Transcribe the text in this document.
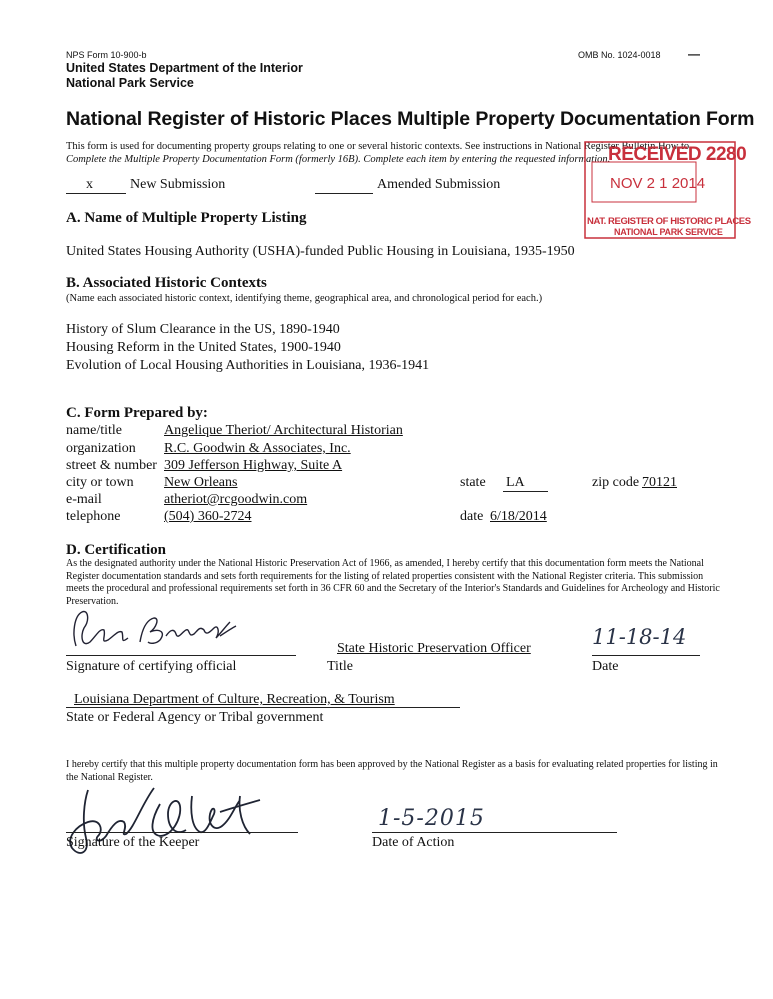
NPS Form 10-900-b	OMB No. 1024-0018 —
United States Department of the Interior
National Park Service
National Register of Historic Places Multiple Property Documentation Form
This form is used for documenting property groups relating to one or several historic contexts. See instructions in National Register Bulletin How to
Complete the Multiple Property Documentation Form (formerly 16B). Complete each item by entering the requested information.
RECEIVED 2280
NOV 2 1 2014
NAT. REGISTER OF HISTORIC PLACES
NATIONAL PARK SERVICE
x	New Submission	Amended Submission
A. Name of Multiple Property Listing
United States Housing Authority (USHA)-funded Public Housing in Louisiana, 1935-1950
B. Associated Historic Contexts
(Name each associated historic context, identifying theme, geographical area, and chronological period for each.)
History of Slum Clearance in the US, 1890-1940
Housing Reform in the United States, 1900-1940
Evolution of Local Housing Authorities in Louisiana, 1936-1941
C. Form Prepared by:
name/title	Angelique Theriot/ Architectural Historian
organization R.C. Goodwin & Associates, Inc.
street & number 309 Jefferson Highway, Suite A
city or town New Orleans	state LA	zip code 70121
e-mail	atheriot@rcgoodwin.com
telephone	(504) 360-2724	date 6/18/2014
D. Certification
As the designated authority under the National Historic Preservation Act of 1966, as amended, I hereby certify that this documentation form meets the National Register documentation standards and sets forth requirements for the listing of related properties consistent with the National Register criteria. This submission meets the procedural and professional requirements set forth in 36 CFR 60 and the Secretary of the Interior's Standards and Guidelines for Archeology and Historic Preservation.
Signature of certifying official
State Historic Preservation Officer
Title
11-18-14
Date
Louisiana Department of Culture, Recreation, & Tourism
State or Federal Agency or Tribal government
I hereby certify that this multiple property documentation form has been approved by the National Register as a basis for evaluating related properties for listing in the National Register.
Signature of the Keeper
1-5-2015
Date of Action
